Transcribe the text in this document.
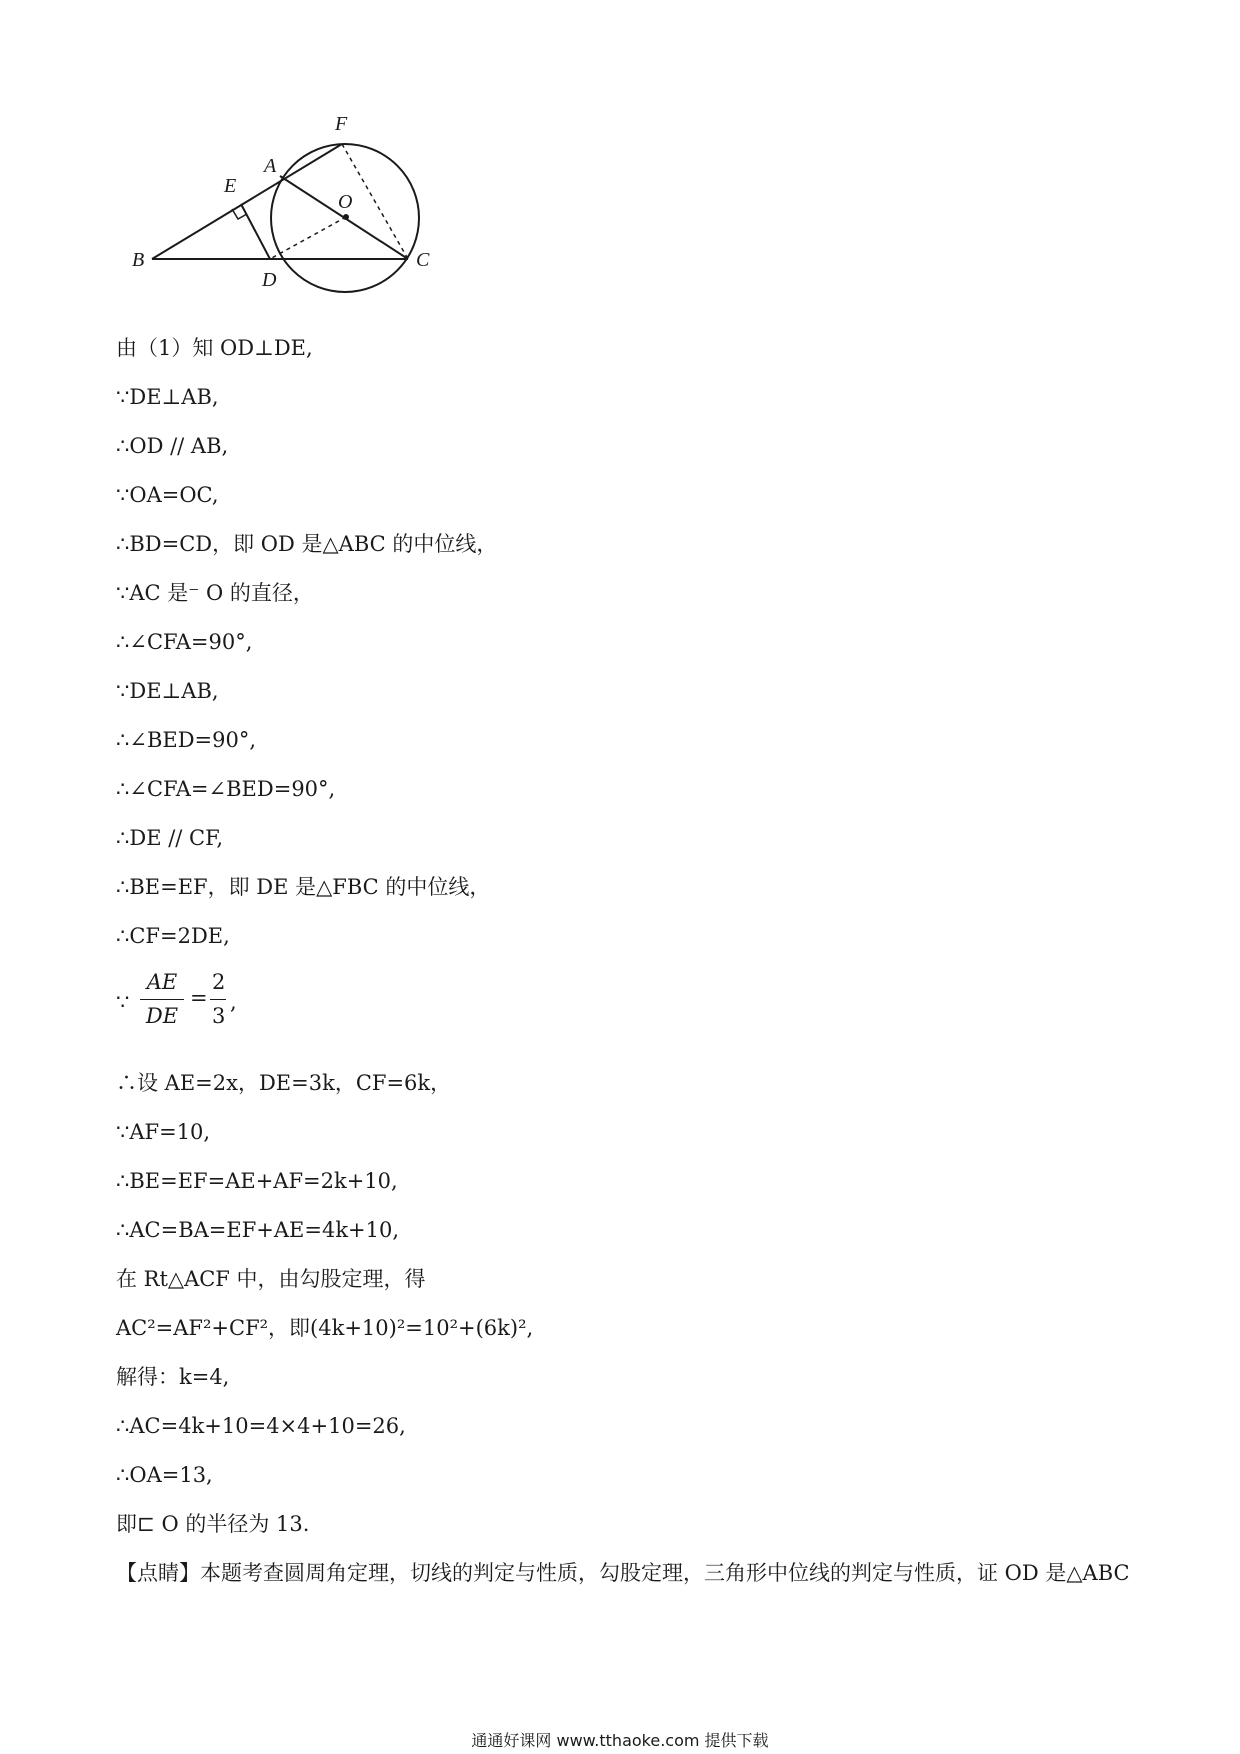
F
A
E
O
B
D
C
由（1）知 OD⊥DE,
∵DE⊥AB,
∴OD // AB,
∵OA=OC,
∴BD=CD，即 OD 是△ABC 的中位线，
∵AC 是⁻ O 的直径，
∴∠CFA=90°,
∵DE⊥AB,
∴∠BED=90°,
∴∠CFA=∠BED=90°,
∴DE // CF,
∴BE=EF，即 DE 是△FBC 的中位线，
∴CF=2DE,
∵
AE
DE
=
2
3
,
∴设 AE=2x，DE=3k，CF=6k，
∵AF=10,
∴BE=EF=AE+AF=2k+10,
∴AC=BA=EF+AE=4k+10,
在 Rt△ACF 中，由勾股定理，得
AC²=AF²+CF²，即(4k+10)²=10²+(6k)²,
解得：k=4,
∴AC=4k+10=4×4+10=26,
∴OA=13,
即⊏ O 的半径为 13.
【点睛】本题考查圆周角定理，切线的判定与性质，勾股定理，三角形中位线的判定与性质，证 OD 是△ABC
通通好课网 www.tthaoke.com 提供下载
